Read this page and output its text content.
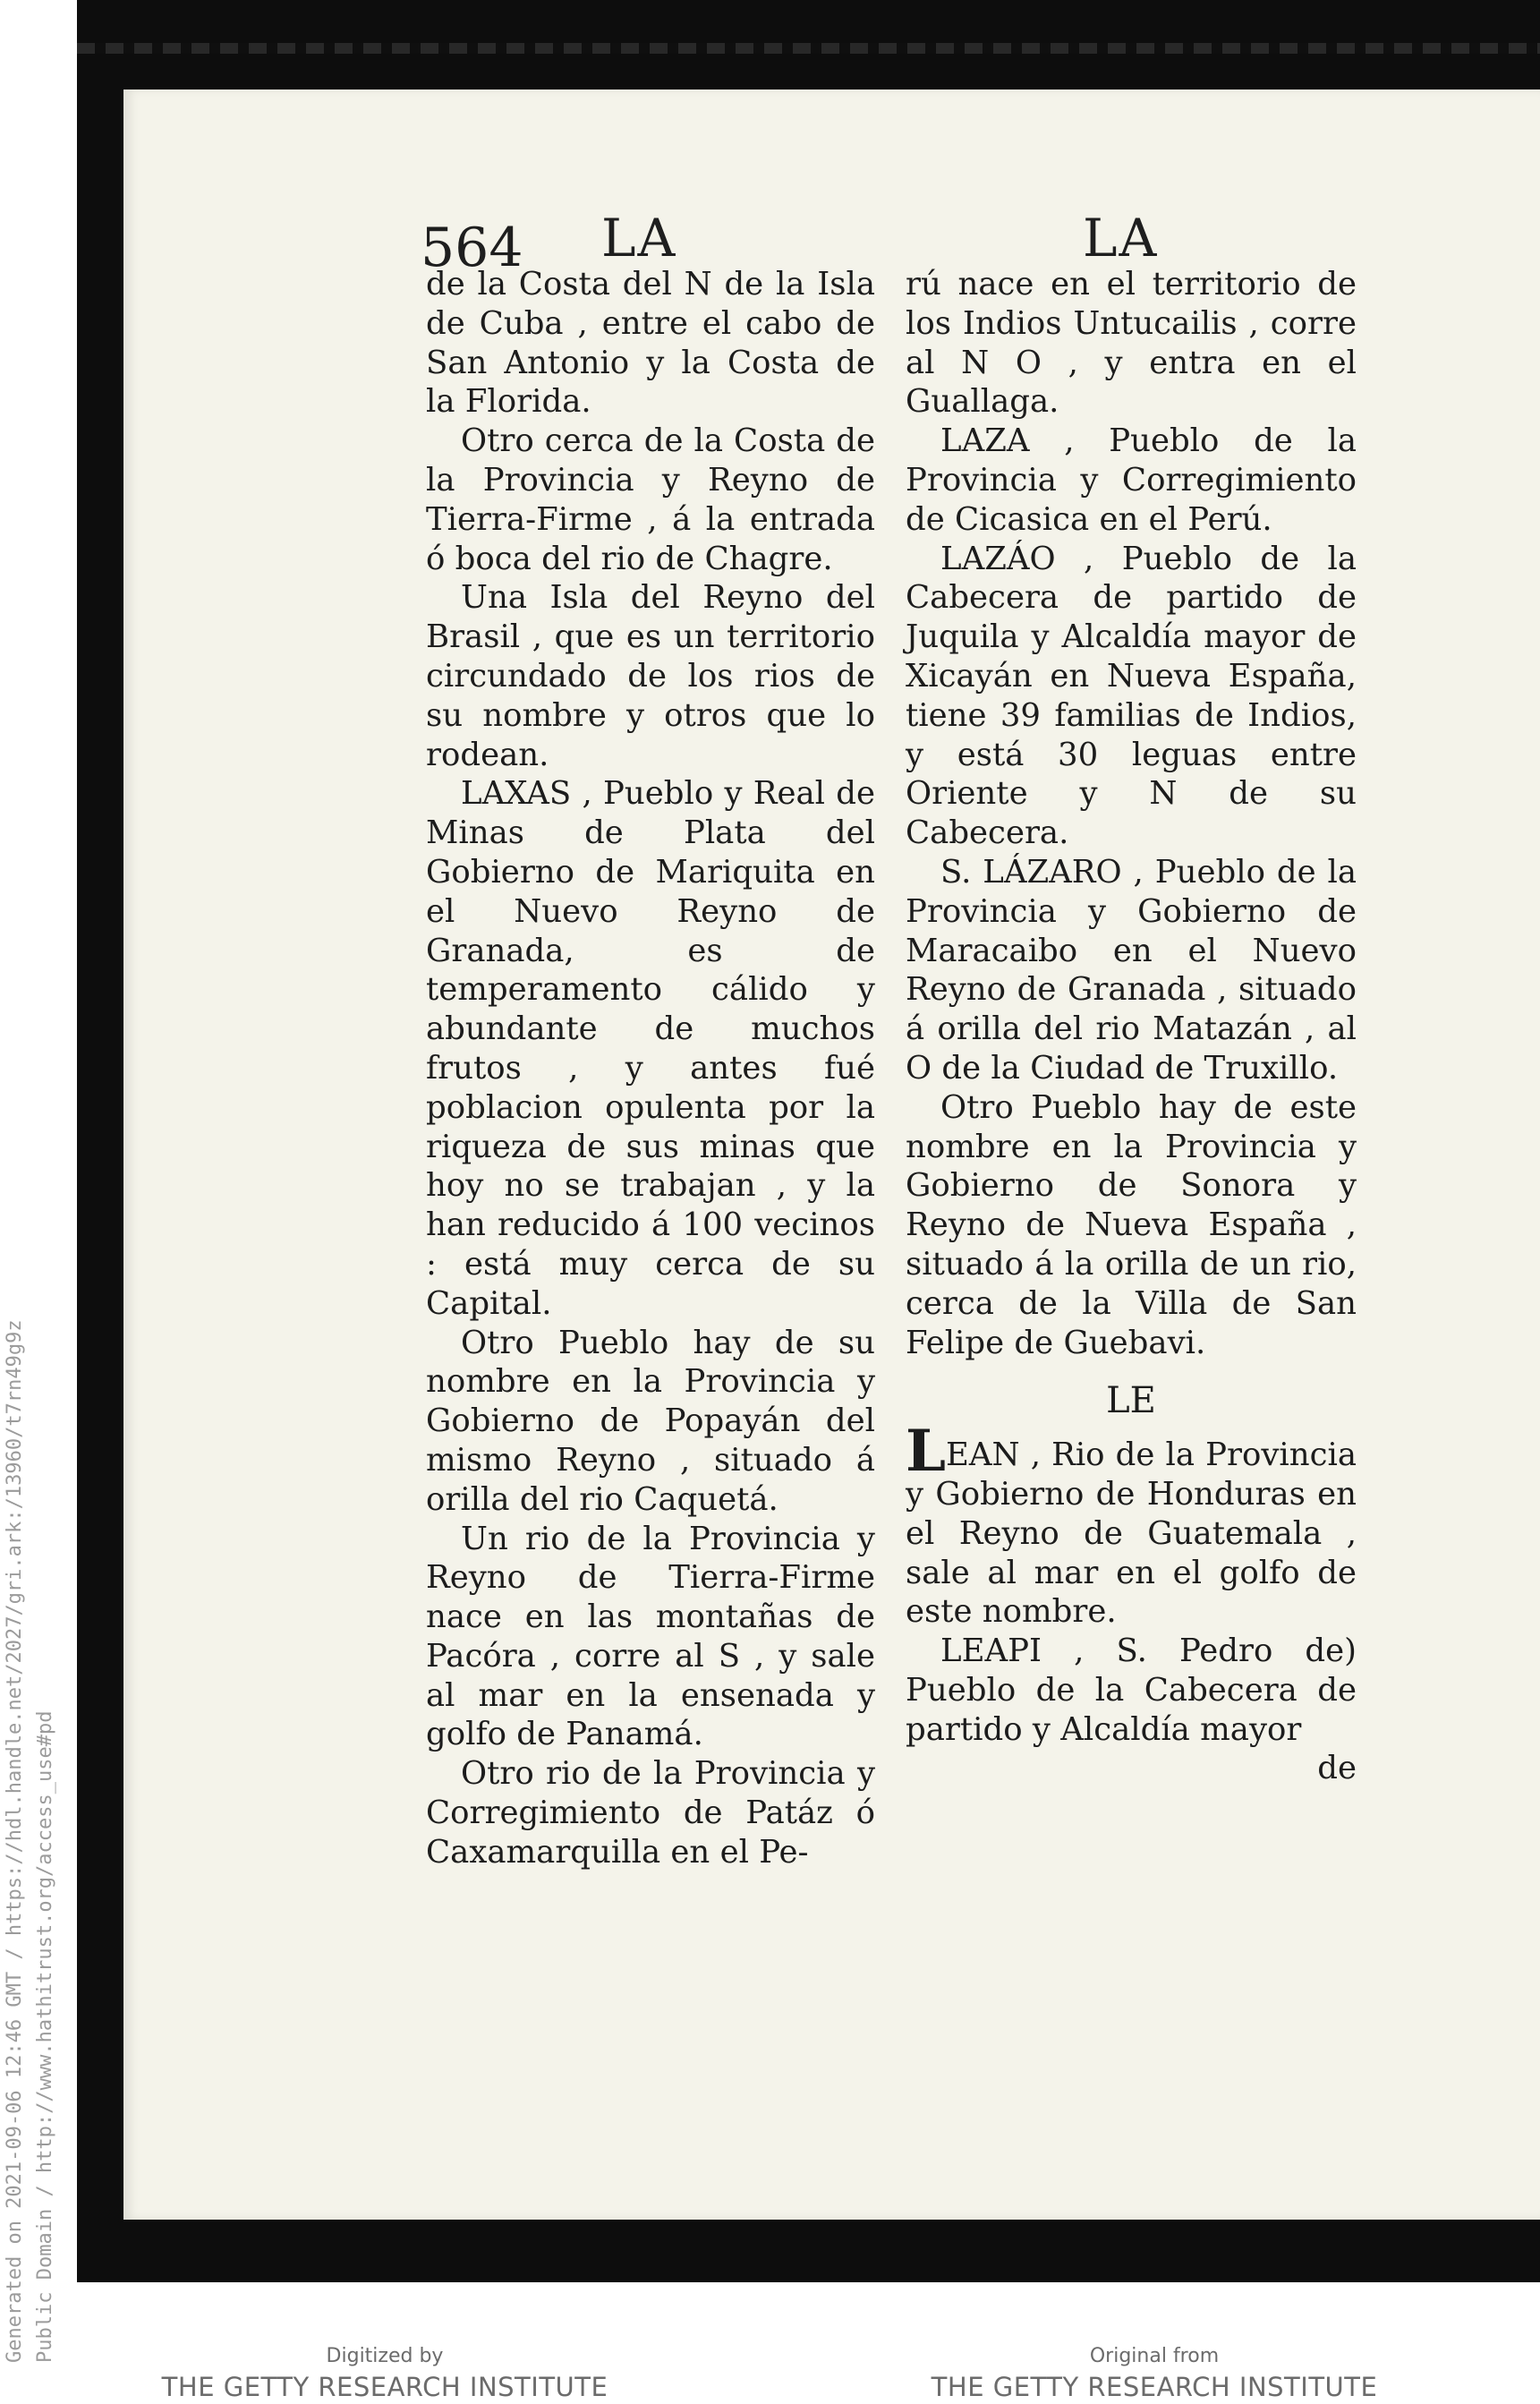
Generated on 2021-09-06 12:46 GMT / https://hdl.handle.net/2027/gri.ark:/13960/t7rn49g9z Public Domain / http://www.hathitrust.org/access_use#pd
564 LA	LA

de la Costa del N de la Isla de Cuba , entre el cabo de San Antonio y la Costa de la Florida.

Otro cerca de la Costa de la Provincia y Reyno de Tierra-Firme , á la entrada ó boca del rio de Chagre.

Una Isla del Reyno del Brasil , que es un territorio circundado de los rios de su nombre y otros que lo rodean.

LAXAS , Pueblo y Real de Minas de Plata del Gobierno de Mariquita en el Nuevo Reyno de Granada, es de temperamento cálido y abundante de muchos frutos , y antes fué poblacion opulenta por la riqueza de sus minas que hoy no se trabajan , y la han reducido á 100 vecinos : está muy cerca de su Capital.

Otro Pueblo hay de su nombre en la Provincia y Gobierno de Popayán del mismo Reyno , situado á orilla del rio Caquetá.

Un rio de la Provincia y Reyno de Tierra-Firme nace en las montañas de Pacóra , corre al S , y sale al mar en la ensenada y golfo de Panamá.

Otro rio de la Provincia y Corregimiento de Patáz ó Caxamarquilla en el Pe-

rú nace en el territorio de los Indios Untucailis , corre al N O , y entra en el Guallaga.

LAZA , Pueblo de la Provincia y Corregimiento de Cicasica en el Perú.

LAZÁO , Pueblo de la Cabecera de partido de Juquila y Alcaldía mayor de Xicayán en Nueva España, tiene 39 familias de Indios, y está 30 leguas entre Oriente y N de su Cabecera.

S. LÁZARO , Pueblo de la Provincia y Gobierno de Maracaibo en el Nuevo Reyno de Granada , situado á orilla del rio Matazán , al O de la Ciudad de Truxillo.

Otro Pueblo hay de este nombre en la Provincia y Gobierno de Sonora y Reyno de Nueva España , situado á la orilla de un rio, cerca de la Villa de San Felipe de Guebavi.

LE

LEAN , Rio de la Provincia y Gobierno de Honduras en el Reyno de Guatemala , sale al mar en el golfo de este nombre.

LEAPI , S. Pedro de) Pueblo de la Cabecera de partido y Alcaldía mayor

de
Digitized by
THE GETTY RESEARCH INSTITUTE
Original from
THE GETTY RESEARCH INSTITUTE
